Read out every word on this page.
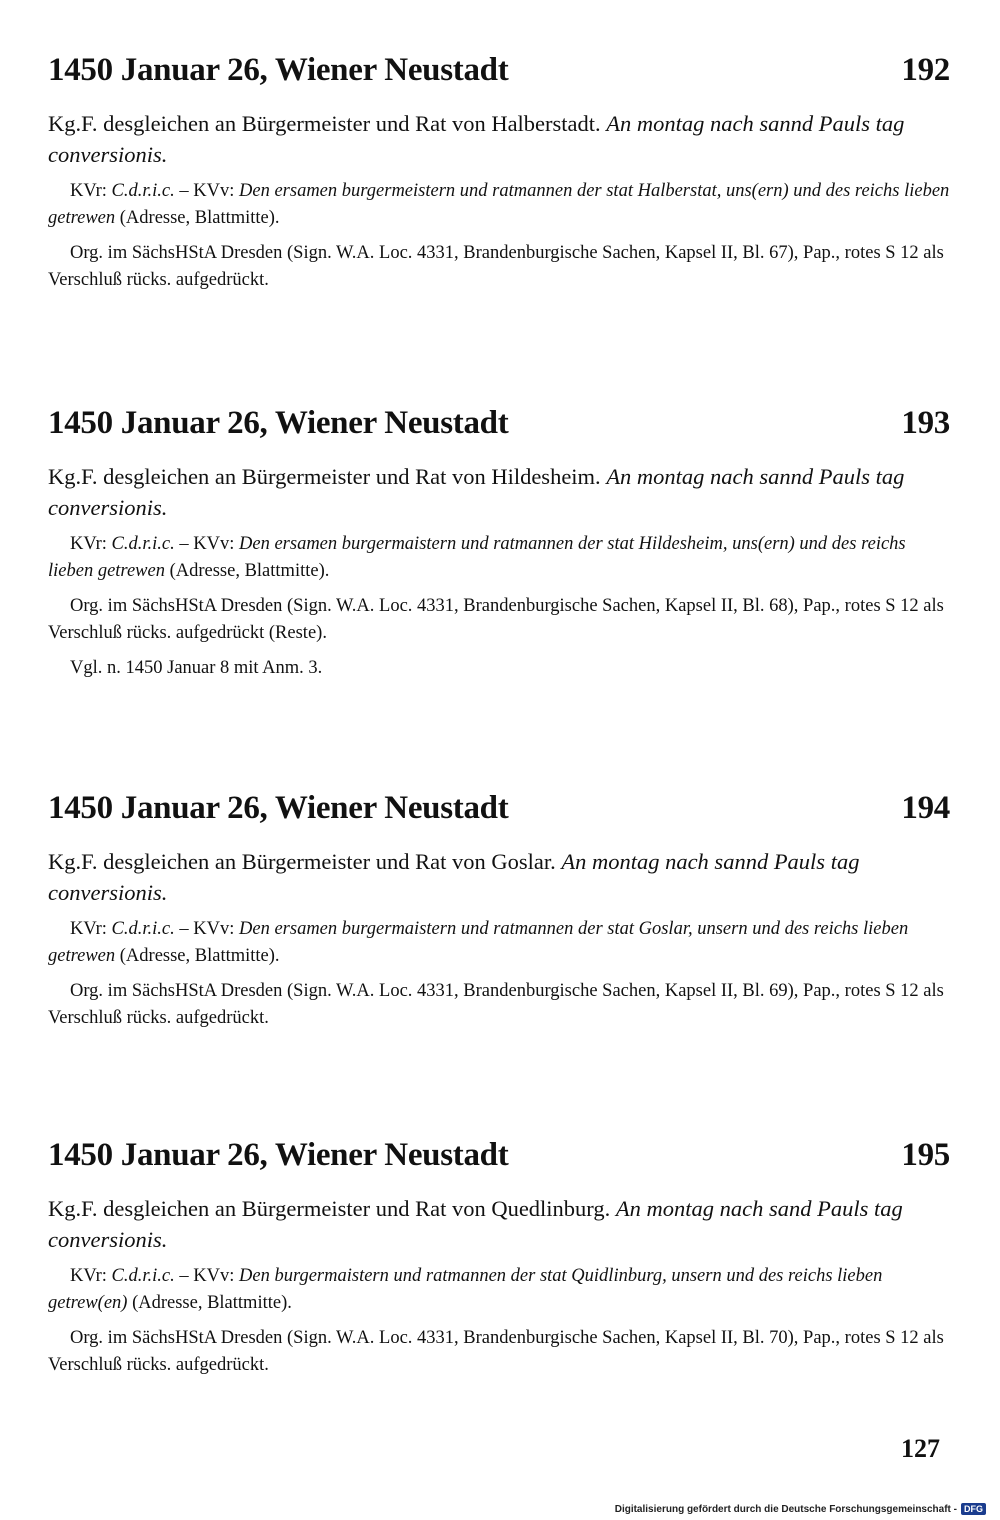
1450 Januar 26, Wiener Neustadt	192

Kg.F. desgleichen an Bürgermeister und Rat von Halberstadt. An montag nach sannd Pauls tag conversionis.

KVr: C.d.r.i.c. – KVv: Den ersamen burgermeistern und ratmannen der stat Halberstat, uns(ern) und des reichs lieben getrewen (Adresse, Blattmitte).

Org. im SächsHStA Dresden (Sign. W.A. Loc. 4331, Brandenburgische Sachen, Kapsel II, Bl. 67), Pap., rotes S 12 als Verschluß rücks. aufgedrückt.

1450 Januar 26, Wiener Neustadt	193

Kg.F. desgleichen an Bürgermeister und Rat von Hildesheim. An montag nach sannd Pauls tag conversionis.

KVr: C.d.r.i.c. – KVv: Den ersamen burgermaistern und ratmannen der stat Hildesheim, uns(ern) und des reichs lieben getrewen (Adresse, Blattmitte).

Org. im SächsHStA Dresden (Sign. W.A. Loc. 4331, Brandenburgische Sachen, Kapsel II, Bl. 68), Pap., rotes S 12 als Verschluß rücks. aufgedrückt (Reste).

Vgl. n. 1450 Januar 8 mit Anm. 3.

1450 Januar 26, Wiener Neustadt	194

Kg.F. desgleichen an Bürgermeister und Rat von Goslar. An montag nach sannd Pauls tag conversionis.

KVr: C.d.r.i.c. – KVv: Den ersamen burgermaistern und ratmannen der stat Goslar, unsern und des reichs lieben getrewen (Adresse, Blattmitte).

Org. im SächsHStA Dresden (Sign. W.A. Loc. 4331, Brandenburgische Sachen, Kapsel II, Bl. 69), Pap., rotes S 12 als Verschluß rücks. aufgedrückt.

1450 Januar 26, Wiener Neustadt	195

Kg.F. desgleichen an Bürgermeister und Rat von Quedlinburg. An montag nach sand Pauls tag conversionis.

KVr: C.d.r.i.c. – KVv: Den burgermaistern und ratmannen der stat Quidlinburg, unsern und des reichs lieben getrew(en) (Adresse, Blattmitte).

Org. im SächsHStA Dresden (Sign. W.A. Loc. 4331, Brandenburgische Sachen, Kapsel II, Bl. 70), Pap., rotes S 12 als Verschluß rücks. aufgedrückt.

127
Digitalisierung gefördert durch die Deutsche Forschungsgemeinschaft - DFG
